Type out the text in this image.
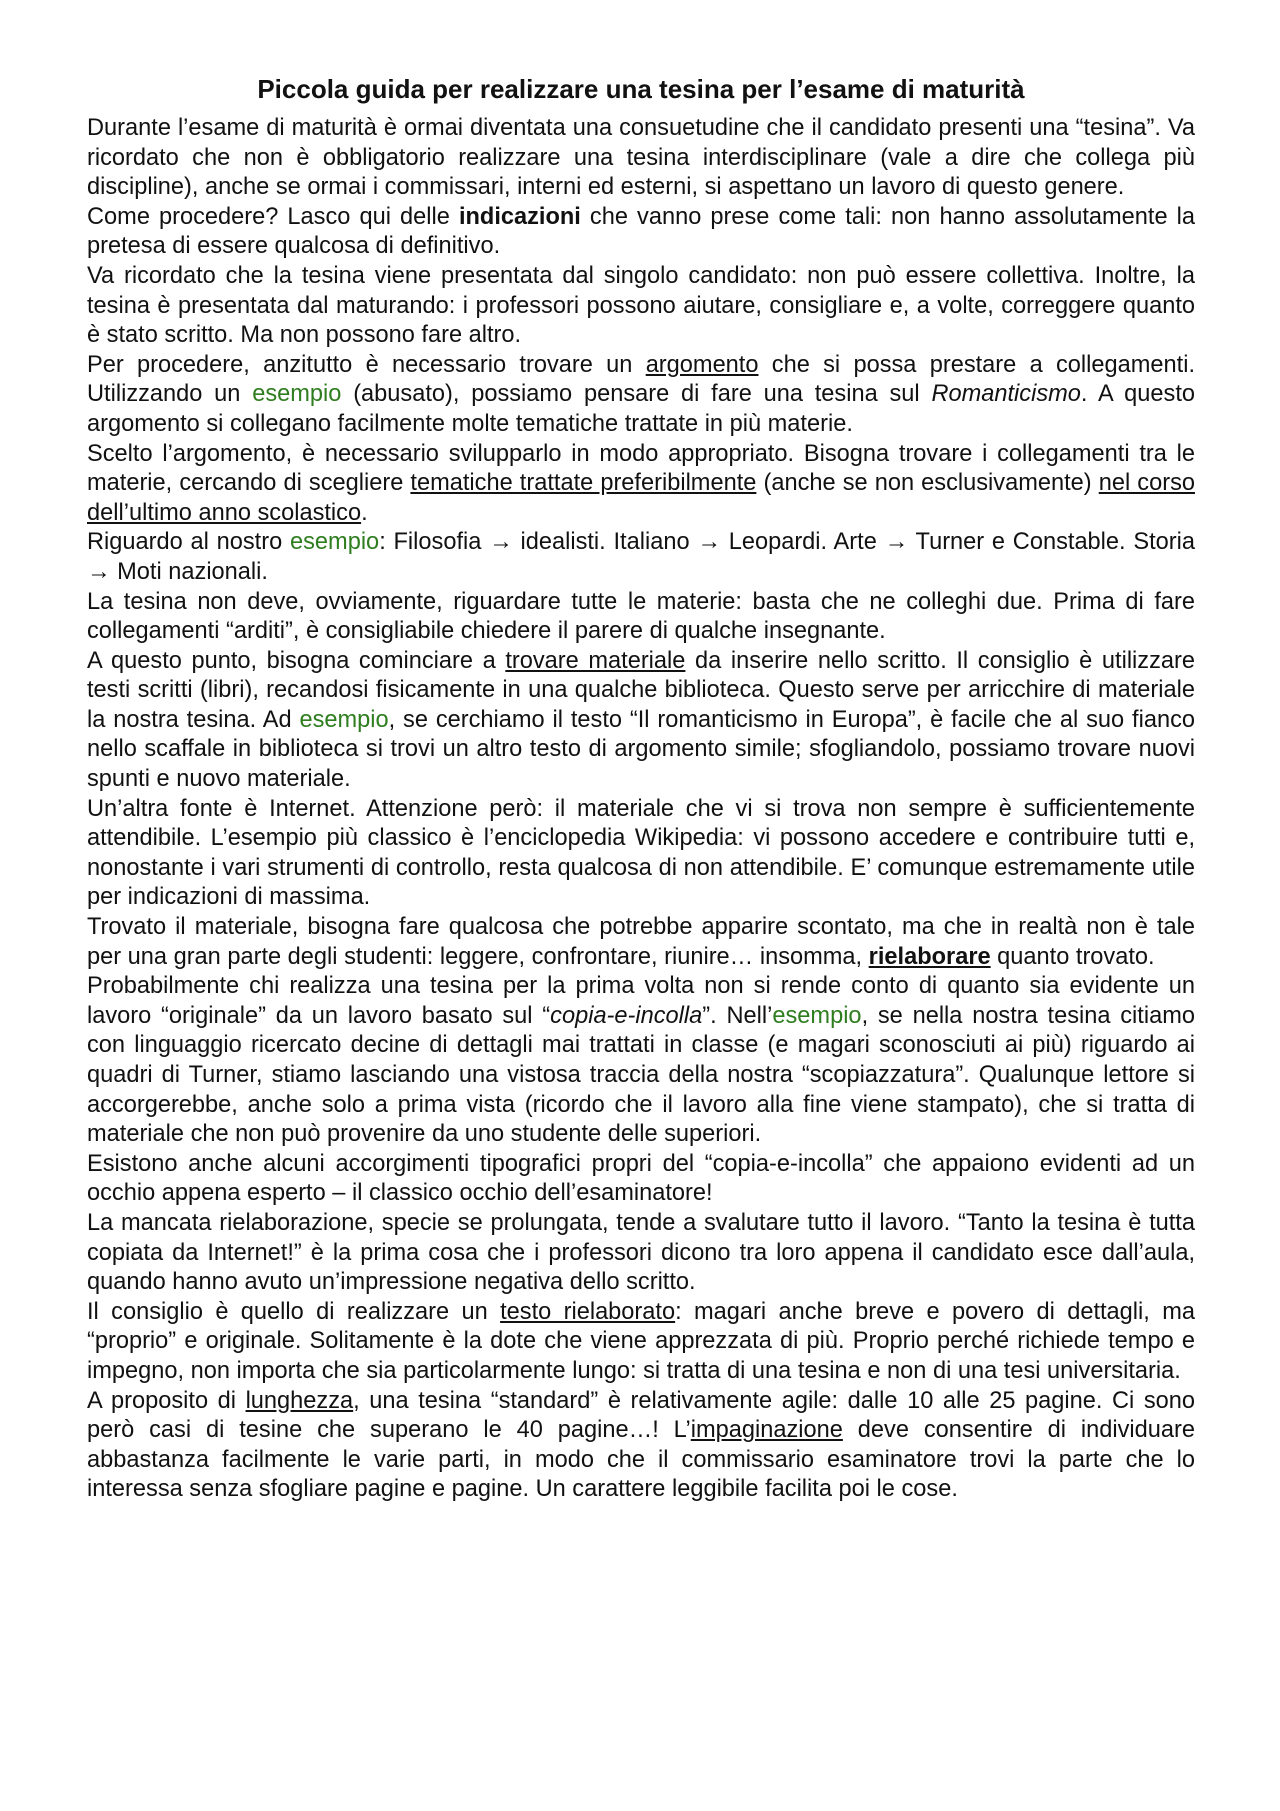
Piccola guida per realizzare una tesina per l’esame di maturità

Durante l’esame di maturità è ormai diventata una consuetudine che il candidato presenti una “tesina”. Va ricordato che non è obbligatorio realizzare una tesina interdisciplinare (vale a dire che collega più discipline), anche se ormai i commissari, interni ed esterni, si aspettano un lavoro di questo genere.

Come procedere? Lasco qui delle indicazioni che vanno prese come tali: non hanno assolutamente la pretesa di essere qualcosa di definitivo.

Va ricordato che la tesina viene presentata dal singolo candidato: non può essere collettiva. Inoltre, la tesina è presentata dal maturando: i professori possono aiutare, consigliare e, a volte, correggere quanto è stato scritto. Ma non possono fare altro.

Per procedere, anzitutto è necessario trovare un argomento che si possa prestare a collegamenti. Utilizzando un esempio (abusato), possiamo pensare di fare una tesina sul Romanticismo. A questo argomento si collegano facilmente molte tematiche trattate in più materie.

Scelto l’argomento, è necessario svilupparlo in modo appropriato. Bisogna trovare i collegamenti tra le materie, cercando di scegliere tematiche trattate preferibilmente (anche se non esclusivamente) nel corso dell’ultimo anno scolastico.

Riguardo al nostro esempio: Filosofia → idealisti. Italiano → Leopardi. Arte → Turner e Constable. Storia → Moti nazionali.

La tesina non deve, ovviamente, riguardare tutte le materie: basta che ne colleghi due. Prima di fare collegamenti “arditi”, è consigliabile chiedere il parere di qualche insegnante.

A questo punto, bisogna cominciare a trovare materiale da inserire nello scritto. Il consiglio è utilizzare testi scritti (libri), recandosi fisicamente in una qualche biblioteca. Questo serve per arricchire di materiale la nostra tesina. Ad esempio, se cerchiamo il testo “Il romanticismo in Europa”, è facile che al suo fianco nello scaffale in biblioteca si trovi un altro testo di argomento simile; sfogliandolo, possiamo trovare nuovi spunti e nuovo materiale.

Un’altra fonte è Internet. Attenzione però: il materiale che vi si trova non sempre è sufficientemente attendibile. L’esempio più classico è l’enciclopedia Wikipedia: vi possono accedere e contribuire tutti e, nonostante i vari strumenti di controllo, resta qualcosa di non attendibile. E’ comunque estremamente utile per indicazioni di massima.

Trovato il materiale, bisogna fare qualcosa che potrebbe apparire scontato, ma che in realtà non è tale per una gran parte degli studenti: leggere, confrontare, riunire… insomma, rielaborare quanto trovato.

Probabilmente chi realizza una tesina per la prima volta non si rende conto di quanto sia evidente un lavoro “originale” da un lavoro basato sul “copia-e-incolla”. Nell’esempio, se nella nostra tesina citiamo con linguaggio ricercato decine di dettagli mai trattati in classe (e magari sconosciuti ai più) riguardo ai quadri di Turner, stiamo lasciando una vistosa traccia della nostra “scopiazzatura”. Qualunque lettore si accorgerebbe, anche solo a prima vista (ricordo che il lavoro alla fine viene stampato), che si tratta di materiale che non può provenire da uno studente delle superiori.

Esistono anche alcuni accorgimenti tipografici propri del “copia-e-incolla” che appaiono evidenti ad un occhio appena esperto – il classico occhio dell’esaminatore!

La mancata rielaborazione, specie se prolungata, tende a svalutare tutto il lavoro. “Tanto la tesina è tutta copiata da Internet!” è la prima cosa che i professori dicono tra loro appena il candidato esce dall’aula, quando hanno avuto un’impressione negativa dello scritto.

Il consiglio è quello di realizzare un testo rielaborato: magari anche breve e povero di dettagli, ma “proprio” e originale. Solitamente è la dote che viene apprezzata di più. Proprio perché richiede tempo e impegno, non importa che sia particolarmente lungo: si tratta di una tesina e non di una tesi universitaria.

A proposito di lunghezza, una tesina “standard” è relativamente agile: dalle 10 alle 25 pagine. Ci sono però casi di tesine che superano le 40 pagine…! L’impaginazione deve consentire di individuare abbastanza facilmente le varie parti, in modo che il commissario esaminatore trovi la parte che lo interessa senza sfogliare pagine e pagine. Un carattere leggibile facilita poi le cose.
